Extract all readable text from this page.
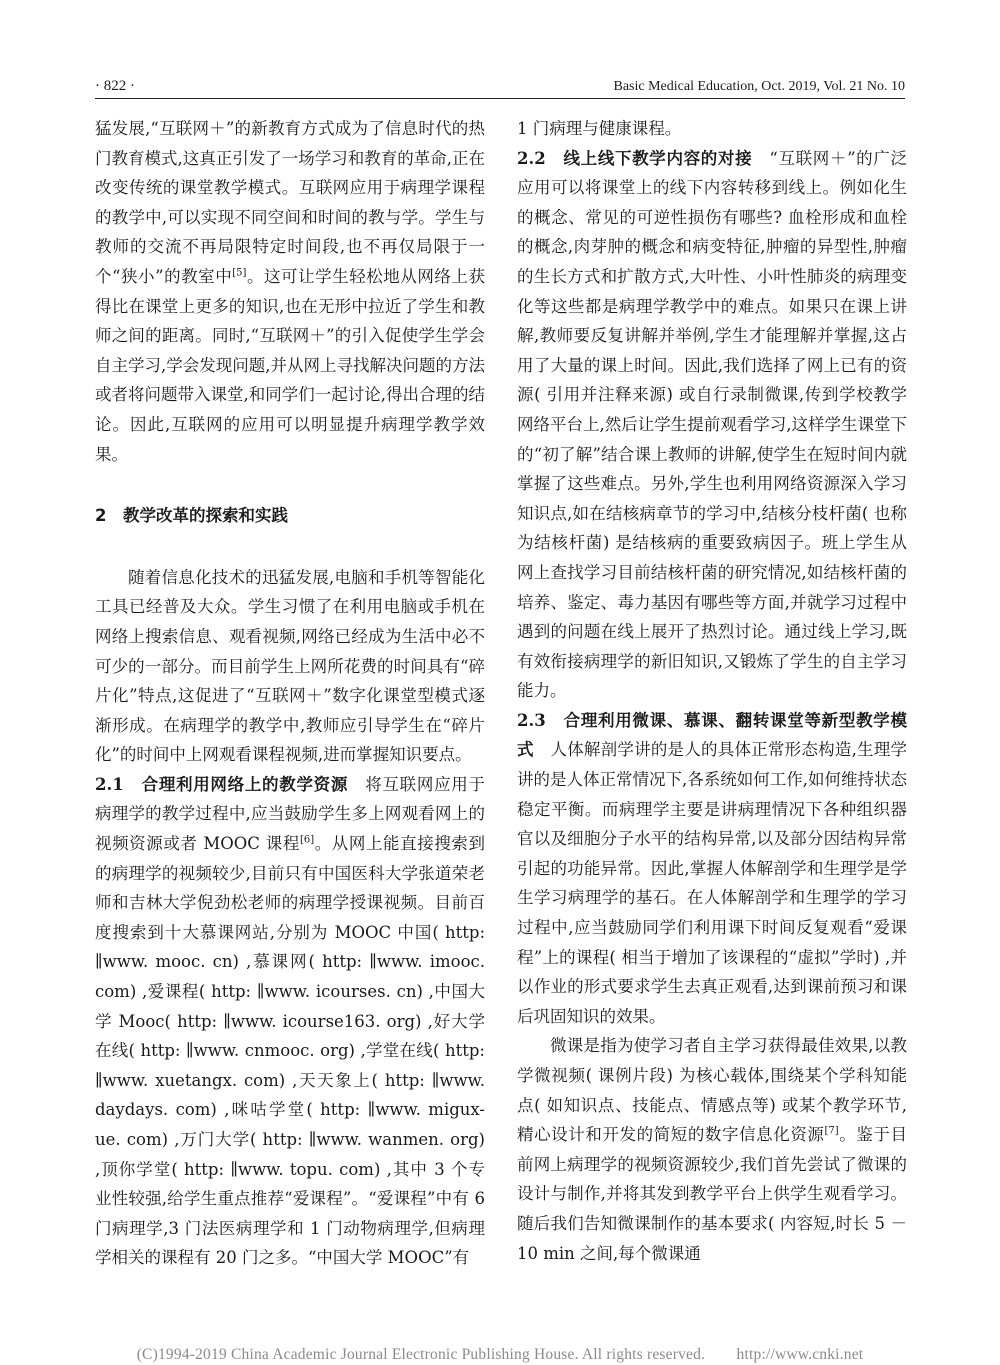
· 822 ·	Basic Medical Education, Oct. 2019, Vol. 21 No. 10

猛发展,“互联网＋”的新教育方式成为了信息时代的热门教育模式,这真正引发了一场学习和教育的革命,正在改变传统的课堂教学模式。互联网应用于病理学课程的教学中,可以实现不同空间和时间的教与学。学生与教师的交流不再局限特定时间段,也不再仅局限于一个“狭小”的教室中[5]。这可让学生轻松地从网络上获得比在课堂上更多的知识,也在无形中拉近了学生和教师之间的距离。同时,“互联网＋”的引入促使学生学会自主学习,学会发现问题,并从网上寻找解决问题的方法或者将问题带入课堂,和同学们一起讨论,得出合理的结论。因此,互联网的应用可以明显提升病理学教学效果。

2　教学改革的探索和实践

随着信息化技术的迅猛发展,电脑和手机等智能化工具已经普及大众。学生习惯了在利用电脑或手机在网络上搜索信息、观看视频,网络已经成为生活中必不可少的一部分。而目前学生上网所花费的时间具有“碎片化”特点,这促进了“互联网＋”数字化课堂型模式逐渐形成。在病理学的教学中,教师应引导学生在“碎片化”的时间中上网观看课程视频,进而掌握知识要点。

2.1　合理利用网络上的教学资源　将互联网应用于病理学的教学过程中,应当鼓励学生多上网观看网上的视频资源或者 MOOC 课程[6]。从网上能直接搜索到的病理学的视频较少,目前只有中国医科大学张道荣老师和吉林大学倪劲松老师的病理学授课视频。目前百度搜索到十大慕课网站,分别为 MOOC 中国( http: ∥www. mooc. cn) ,慕课网( http: ∥www. imooc. com) ,爱课程( http: ∥www. icourses. cn) ,中国大学 Mooc( http: ∥www. icourse163. org) ,好大学在线( http: ∥www. cnmooc. org) ,学堂在线( http: ∥www. xuetangx. com) ,天天象上( http: ∥www. daydays. com) ,咪咕学堂( http: ∥www. migux-ue. com) ,万门大学( http: ∥www. wanmen. org) ,顶你学堂( http: ∥www. topu. com) ,其中 3 个专业性较强,给学生重点推荐“爱课程”。“爱课程”中有 6 门病理学,3 门法医病理学和 1 门动物病理学,但病理学相关的课程有 20 门之多。“中国大学 MOOC”有

1 门病理与健康课程。

2.2　线上线下教学内容的对接　“互联网＋”的广泛应用可以将课堂上的线下内容转移到线上。例如化生的概念、常见的可逆性损伤有哪些? 血栓形成和血栓的概念,肉芽肿的概念和病变特征,肿瘤的异型性,肿瘤的生长方式和扩散方式,大叶性、小叶性肺炎的病理变化等这些都是病理学教学中的难点。如果只在课上讲解,教师要反复讲解并举例,学生才能理解并掌握,这占用了大量的课上时间。因此,我们选择了网上已有的资源( 引用并注释来源) 或自行录制微课,传到学校教学网络平台上,然后让学生提前观看学习,这样学生课堂下的“初了解”结合课上教师的讲解,使学生在短时间内就掌握了这些难点。另外,学生也利用网络资源深入学习知识点,如在结核病章节的学习中,结核分枝杆菌( 也称为结核杆菌) 是结核病的重要致病因子。班上学生从网上查找学习目前结核杆菌的研究情况,如结核杆菌的培养、鉴定、毒力基因有哪些等方面,并就学习过程中遇到的问题在线上展开了热烈讨论。通过线上学习,既有效衔接病理学的新旧知识,又锻炼了学生的自主学习能力。

2.3　合理利用微课、慕课、翻转课堂等新型教学模式　人体解剖学讲的是人的具体正常形态构造,生理学讲的是人体正常情况下,各系统如何工作,如何维持状态稳定平衡。而病理学主要是讲病理情况下各种组织器官以及细胞分子水平的结构异常,以及部分因结构异常引起的功能异常。因此,掌握人体解剖学和生理学是学生学习病理学的基石。在人体解剖学和生理学的学习过程中,应当鼓励同学们利用课下时间反复观看“爱课程”上的课程( 相当于增加了该课程的“虚拟”学时) ,并以作业的形式要求学生去真正观看,达到课前预习和课后巩固知识的效果。

微课是指为使学习者自主学习获得最佳效果,以教学微视频( 课例片段) 为核心载体,围绕某个学科知能点( 如知识点、技能点、情感点等) 或某个教学环节,精心设计和开发的简短的数字信息化资源[7]。鉴于目前网上病理学的视频资源较少,我们首先尝试了微课的设计与制作,并将其发到教学平台上供学生观看学习。随后我们告知微课制作的基本要求( 内容短,时长 5 －10 min 之间,每个微课通

(C)1994-2019 China Academic Journal Electronic Publishing House. All rights reserved.　　http://www.cnki.net
